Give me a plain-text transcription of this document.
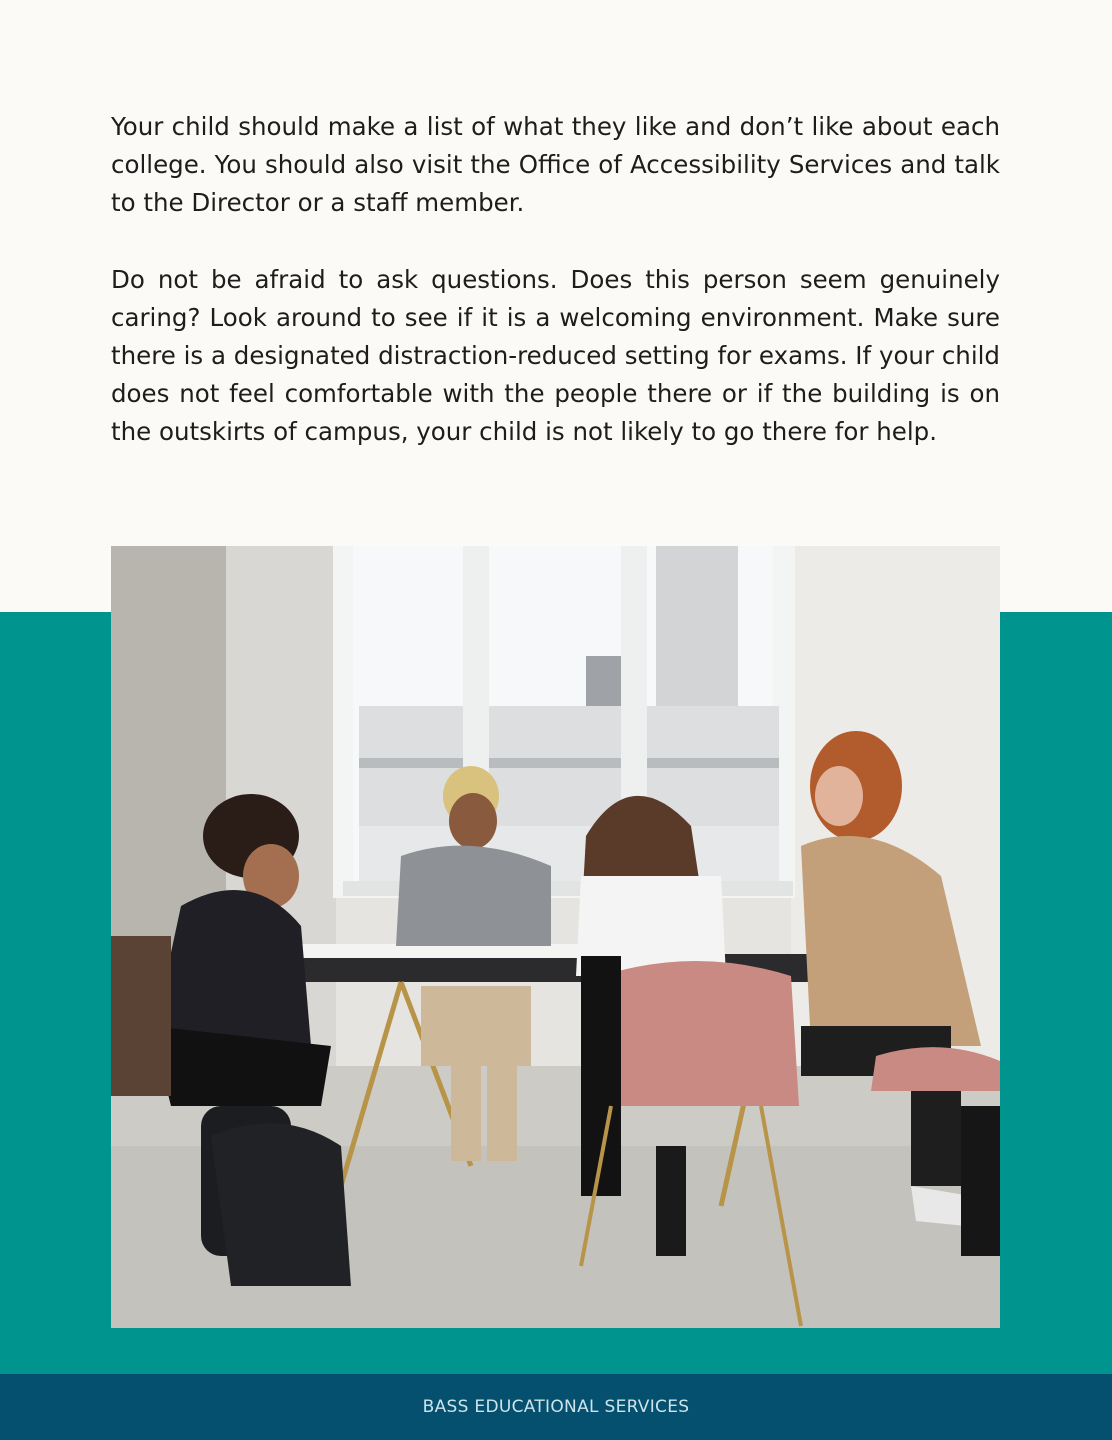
Your child should make a list of what they like and don’t like about each college. You should also visit the Office of Accessibility Services and talk to the Director or a staff member.

Do not be afraid to ask questions. Does this person seem genuinely caring? Look around to see if it is a welcoming environment. Make sure there is a designated distraction-reduced setting for exams. If your child does not feel comfortable with the people there or if the building is on the outskirts of campus, your child is not likely to go there for help.

BASS EDUCATIONAL SERVICES
